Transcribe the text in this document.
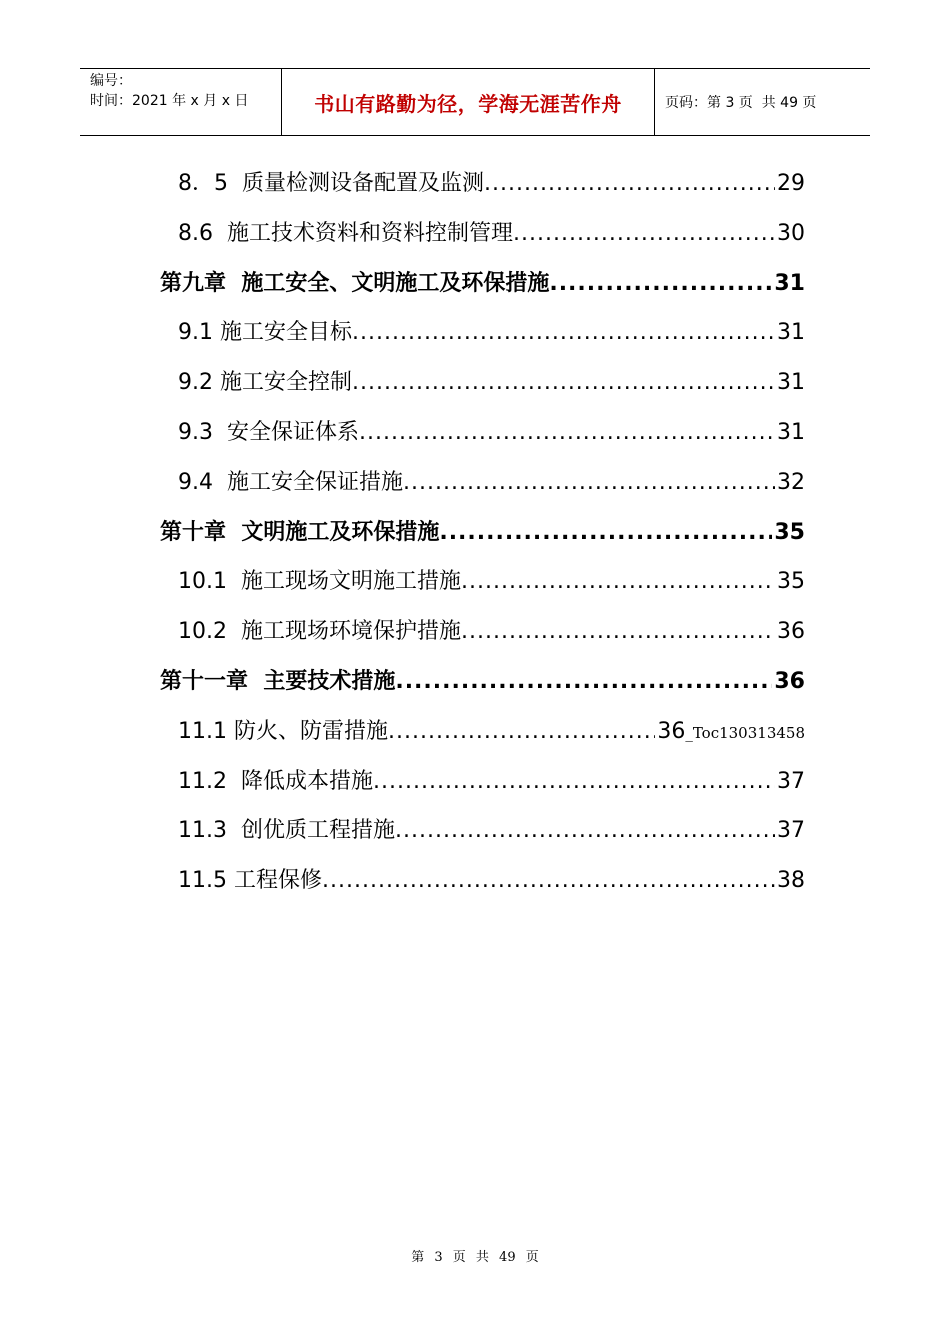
编号：
时间：2021 年 x 月 x 日	书山有路勤为径，学海无涯苦作舟	页码：第 3 页  共 49 页
8．5 质量检测设备配置及监测 .....	29
8.6 施工技术资料和资料控制管理 .....	30
第九章 施工安全、文明施工及环保措施 .....	31
9.1 施工安全目标 .....	31
9.2 施工安全控制 .....	31
9.3 安全保证体系 .....	31
9.4 施工安全保证措施 .....	32
第十章 文明施工及环保措施 .....	35
10.1 施工现场文明施工措施 .....	35
10.2 施工现场环境保护措施 .....	36
第十一章 主要技术措施 .....	36
11.1 防火、防雷措施 .....	36 _Toc130313458
11.2 降低成本措施 .....	37
11.3 创优质工程措施 .....	37
11.5 工程保修 .....	38
第 3 页 共 49 页
